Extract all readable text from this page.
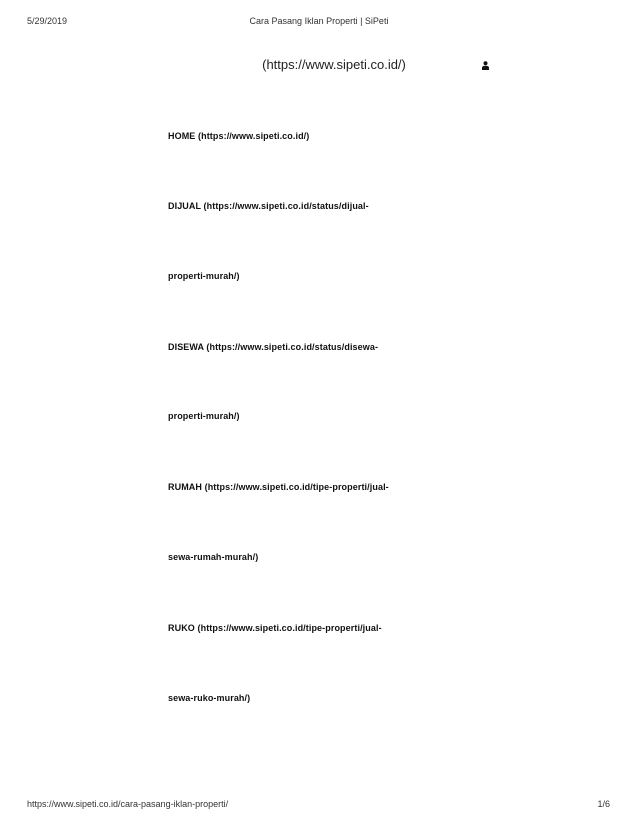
5/29/2019	Cara Pasang Iklan Properti | SiPeti
(https://www.sipeti.co.id/)
HOME (https://www.sipeti.co.id/)
DIJUAL (https://www.sipeti.co.id/status/dijual-
properti-murah/)
DISEWA (https://www.sipeti.co.id/status/disewa-
properti-murah/)
RUMAH (https://www.sipeti.co.id/tipe-properti/jual-
sewa-rumah-murah/)
RUKO (https://www.sipeti.co.id/tipe-properti/jual-
sewa-ruko-murah/)
https://www.sipeti.co.id/cara-pasang-iklan-properti/	1/6
